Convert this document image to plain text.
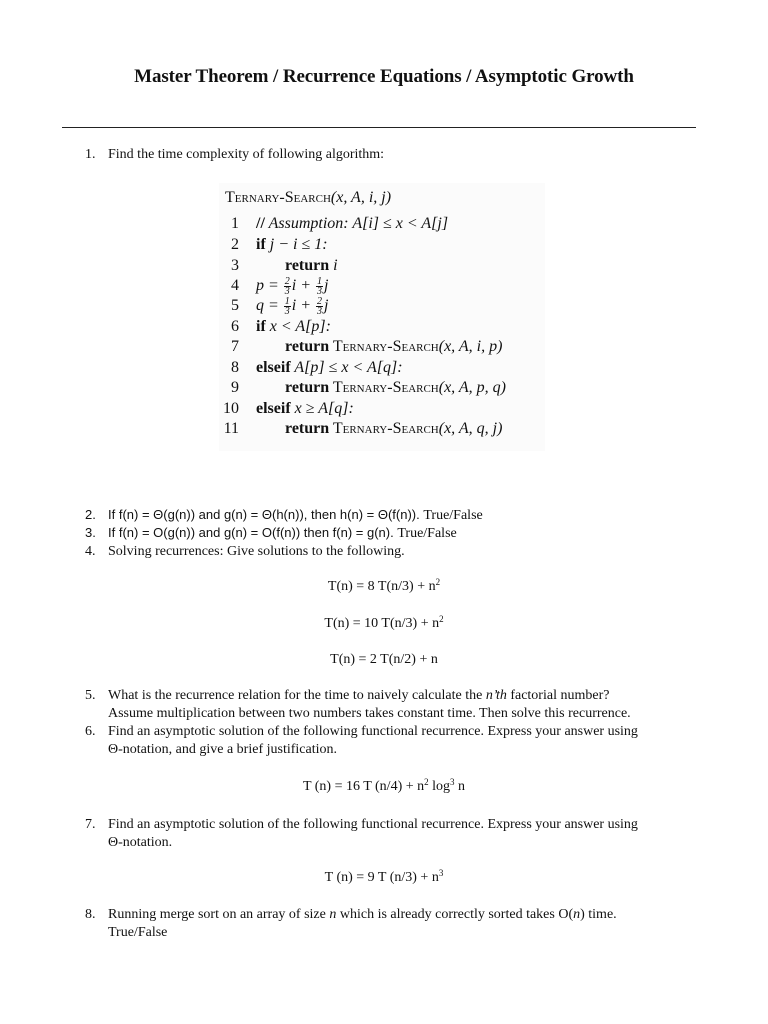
Master Theorem / Recurrence Equations / Asymptotic Growth
1. Find the time complexity of following algorithm:
Ternary-Search(x, A, i, j)
1 // Assumption: A[i] ≤ x < A[j]
2 if j − i ≤ 1:
3	return i
4 $p = \frac{2}{3}$ $i + \frac{1}{3}$ j
5 $q = \frac{1}{3}$ $i + \frac{2}{3}$ j
6 if x < A[p]:
7	return Ternary-Search(x, A, i, p)
8 elseif A[p] ≤ x < A[q]:
9	return Ternary-Search(x, A, p, q)
10 elseif x ≥ A[q]:
11	return Ternary-Search(x, A, q, j)
2. If f(n) = Θ(g(n)) and g(n) = Θ(h(n)), then h(n) = Θ(f(n)). True/False
3. If f(n) = O(g(n)) and g(n) = O(f(n)) then f(n) = g(n). True/False
4. Solving recurrences: Give solutions to the following.
T(n) = 8 $T(n/3) + n^2$
T(n) = 10 $T(n/3) + n^2$
T(n) = 2 T(n/2) + n
5. What is the recurrence relation for the time to naively calculate the n’th factorial number?
Assume multiplication between two numbers takes constant time. Then solve this recurrence.
6. Find an asymptotic solution of the following functional recurrence. Express your answer using
Θ-notation, and give a brief justification.
T (n) = 16 T $(n/4) + n^2$ $\log^3 n$
7. Find an asymptotic solution of the following functional recurrence. Express your answer using
Θ-notation.
T (n) = 9 T $(n/3) + n^3$
8. Running merge sort on an array of size n which is already correctly sorted takes O(n) time.
True/False
